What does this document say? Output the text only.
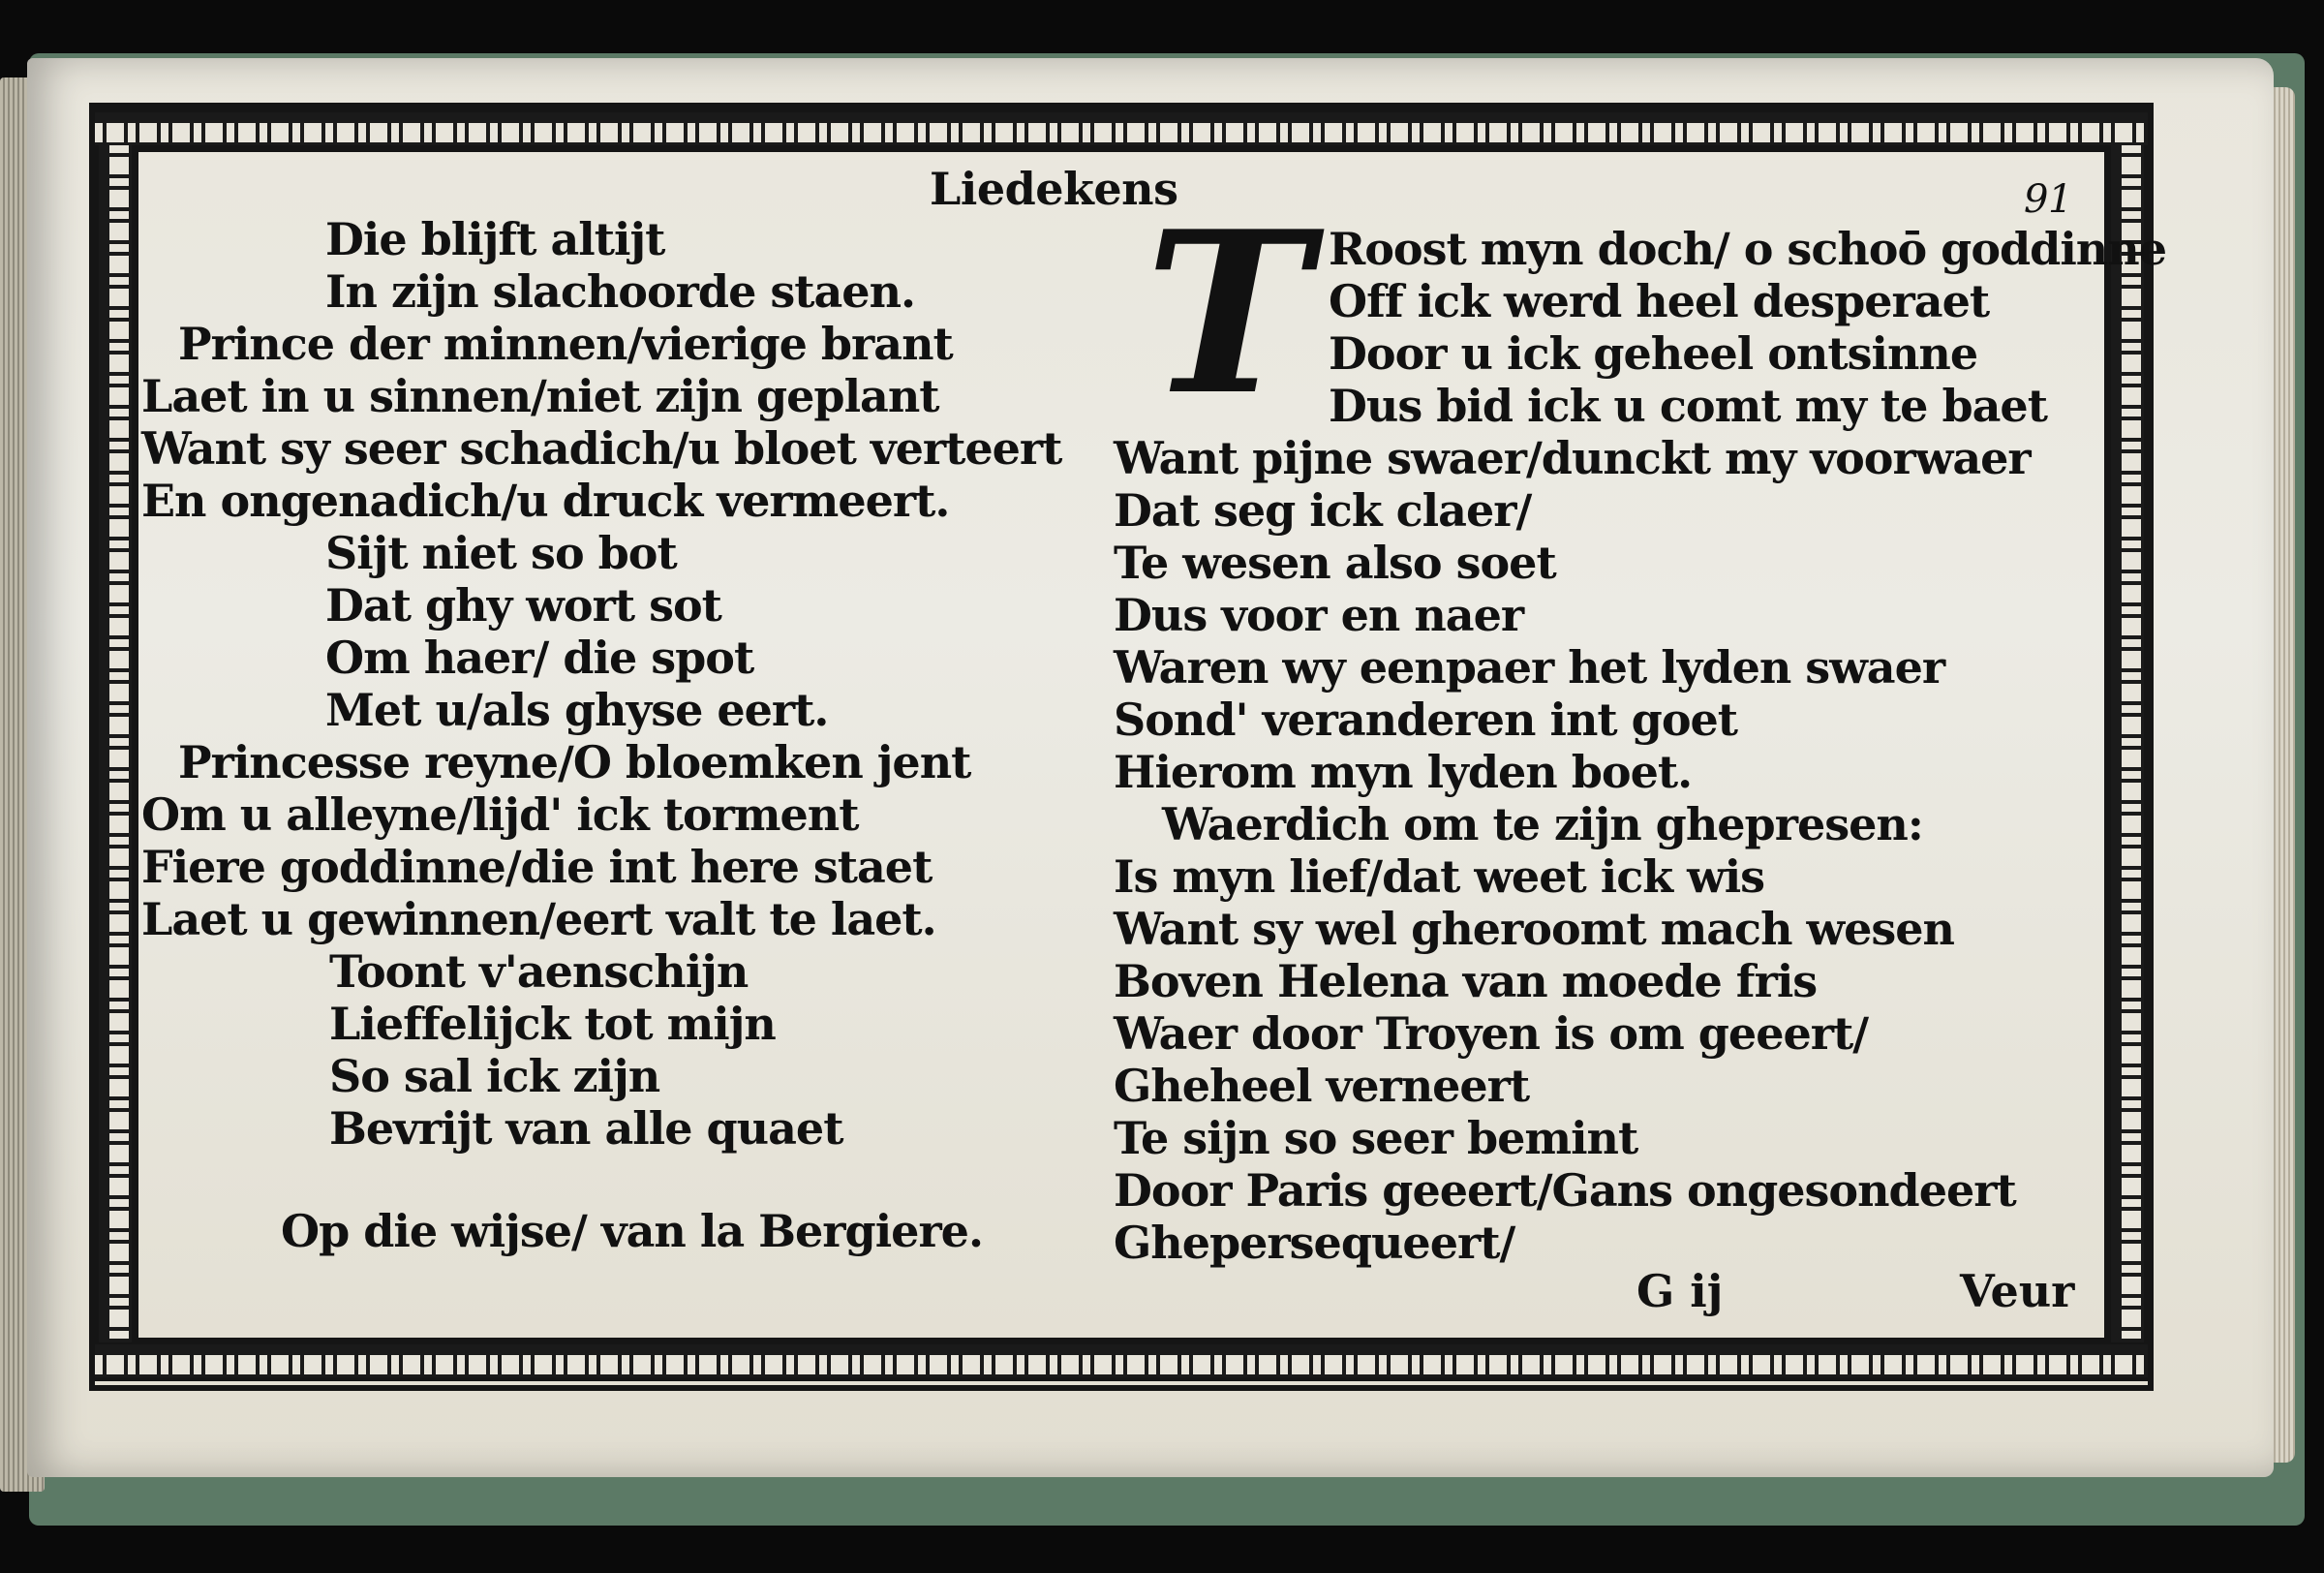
Liedekens	91
Die blijft altijt
In zijn slachoorde staen.
Prince der minnen/vierige brant
Laet in u sinnen/niet zijn geplant
Want sy seer schadich/u bloet verteert
En ongenadich/u druck vermeert.
Sijt niet so bot
Dat ghy wort sot
Om haer/ die spot
Met u/als ghyse eert.
Princesse reyne/O bloemken jent
Om u alleyne/lijd' ick torment
Fiere goddinne/die int here staet
Laet u gewinnen/eert valt te laet.
Toont v'aenschijn
Lieffelijck tot mijn
So sal ick zijn
Bevrijt van alle quaet
Op die wijse/ van la Bergiere.
T Roost myn doch/ o schoō goddinne
Off ick werd heel desperaet
Door u ick geheel ontsinne
Dus bid ick u comt my te baet
Want pijne swaer/dunckt my voorwaer
Dat seg ick claer/
Te wesen also soet
Dus voor en naer
Waren wy eenpaer het lyden swaer
Sond' veranderen int goet
Hierom myn lyden boet.
Waerdich om te zijn ghepresen:
Is myn lief/dat weet ick wis
Want sy wel gheroomt mach wesen
Boven Helena van moede fris
Waer door Troyen is om geeert/
Gheheel verneert
Te sijn so seer bemint
Door Paris geeert/Gans ongesondeert
Ghepersequeert/
G ij	Veur
